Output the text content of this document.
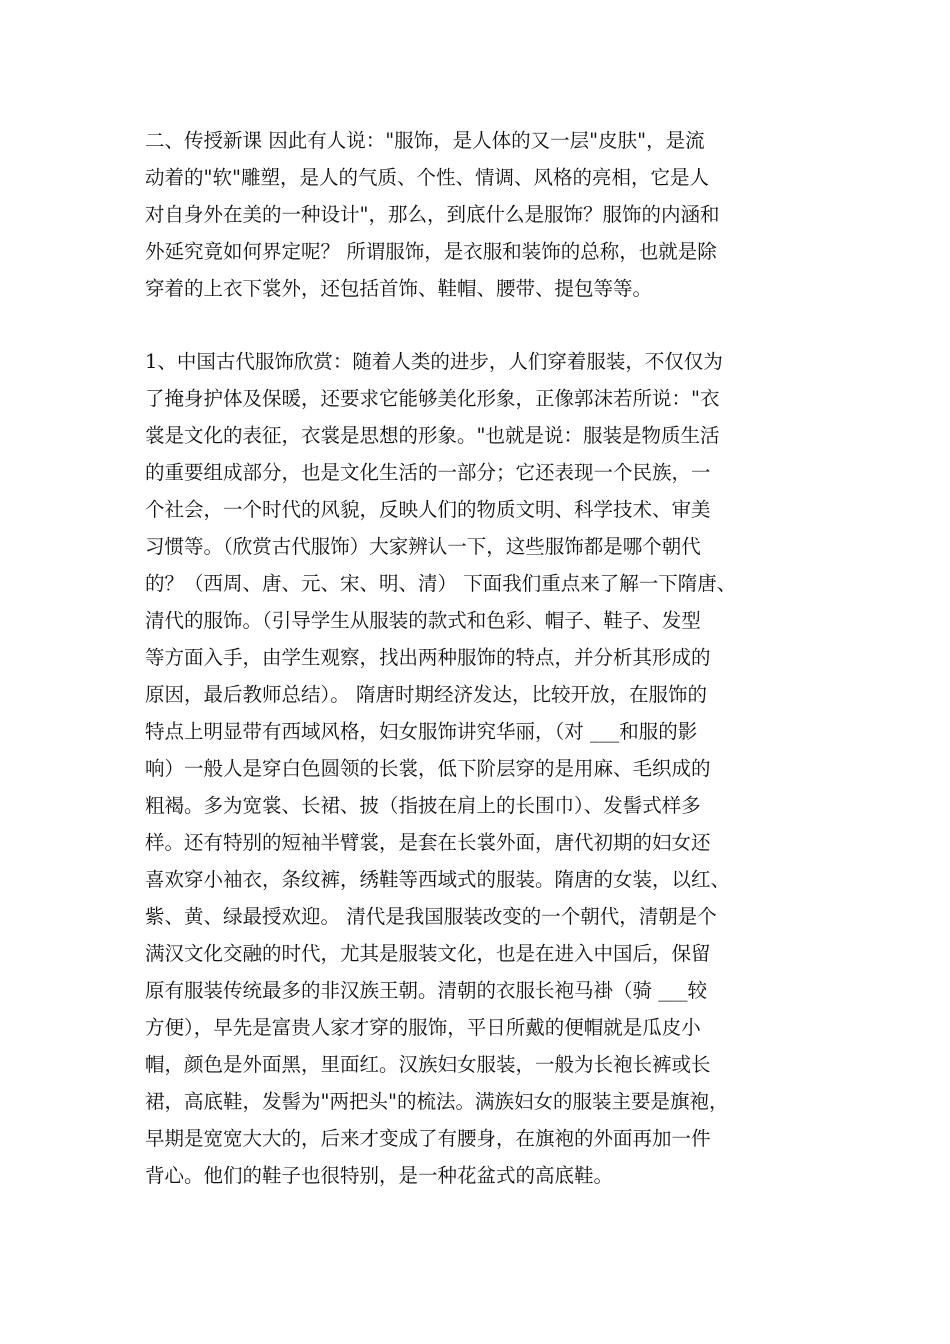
二、传授新课 因此有人说："服饰，是人体的又一层"皮肤"，是流
动着的"软"雕塑，是人的气质、个性、情调、风格的亮相，它是人
对自身外在美的一种设计"，那么，到底什么是服饰？服饰的内涵和
外延究竟如何界定呢？ 所谓服饰，是衣服和装饰的总称，也就是除
穿着的上衣下裳外，还包括首饰、鞋帽、腰带、提包等等。
1、中国古代服饰欣赏：随着人类的进步，人们穿着服装，不仅仅为
了掩身护体及保暖，还要求它能够美化形象，正像郭沫若所说："衣
裳是文化的表征，衣裳是思想的形象。"也就是说：服装是物质生活
的重要组成部分，也是文化生活的一部分；它还表现一个民族，一
个社会，一个时代的风貌，反映人们的物质文明、科学技术、审美
习惯等。（欣赏古代服饰）大家辨认一下，这些服饰都是哪个朝代
的？（西周、唐、元、宋、明、清） 下面我们重点来了解一下隋唐、
清代的服饰。（引导学生从服装的款式和色彩、帽子、鞋子、发型
等方面入手，由学生观察，找出两种服饰的特点，并分析其形成的
原因，最后教师总结）。 隋唐时期经济发达，比较开放，在服饰的
特点上明显带有西域风格，妇女服饰讲究华丽，（对 ___和服的影
响）一般人是穿白色圆领的长裳，低下阶层穿的是用麻、毛织成的
粗褐。多为宽裳、长裙、披（指披在肩上的长围巾）、发髻式样多
样。还有特别的短袖半臂裳，是套在长裳外面，唐代初期的妇女还
喜欢穿小袖衣，条纹裤，绣鞋等西域式的服装。隋唐的女装，以红、
紫、黄、绿最授欢迎。 清代是我国服装改变的一个朝代，清朝是个
满汉文化交融的时代，尤其是服装文化，也是在进入中国后，保留
原有服装传统最多的非汉族王朝。清朝的衣服长袍马褂（骑 ___较
方便），早先是富贵人家才穿的服饰，平日所戴的便帽就是瓜皮小
帽，颜色是外面黑，里面红。汉族妇女服装，一般为长袍长裤或长
裙，高底鞋，发髻为"两把头"的梳法。满族妇女的服装主要是旗袍，
早期是宽宽大大的，后来才变成了有腰身，在旗袍的外面再加一件
背心。他们的鞋子也很特别，是一种花盆式的高底鞋。
